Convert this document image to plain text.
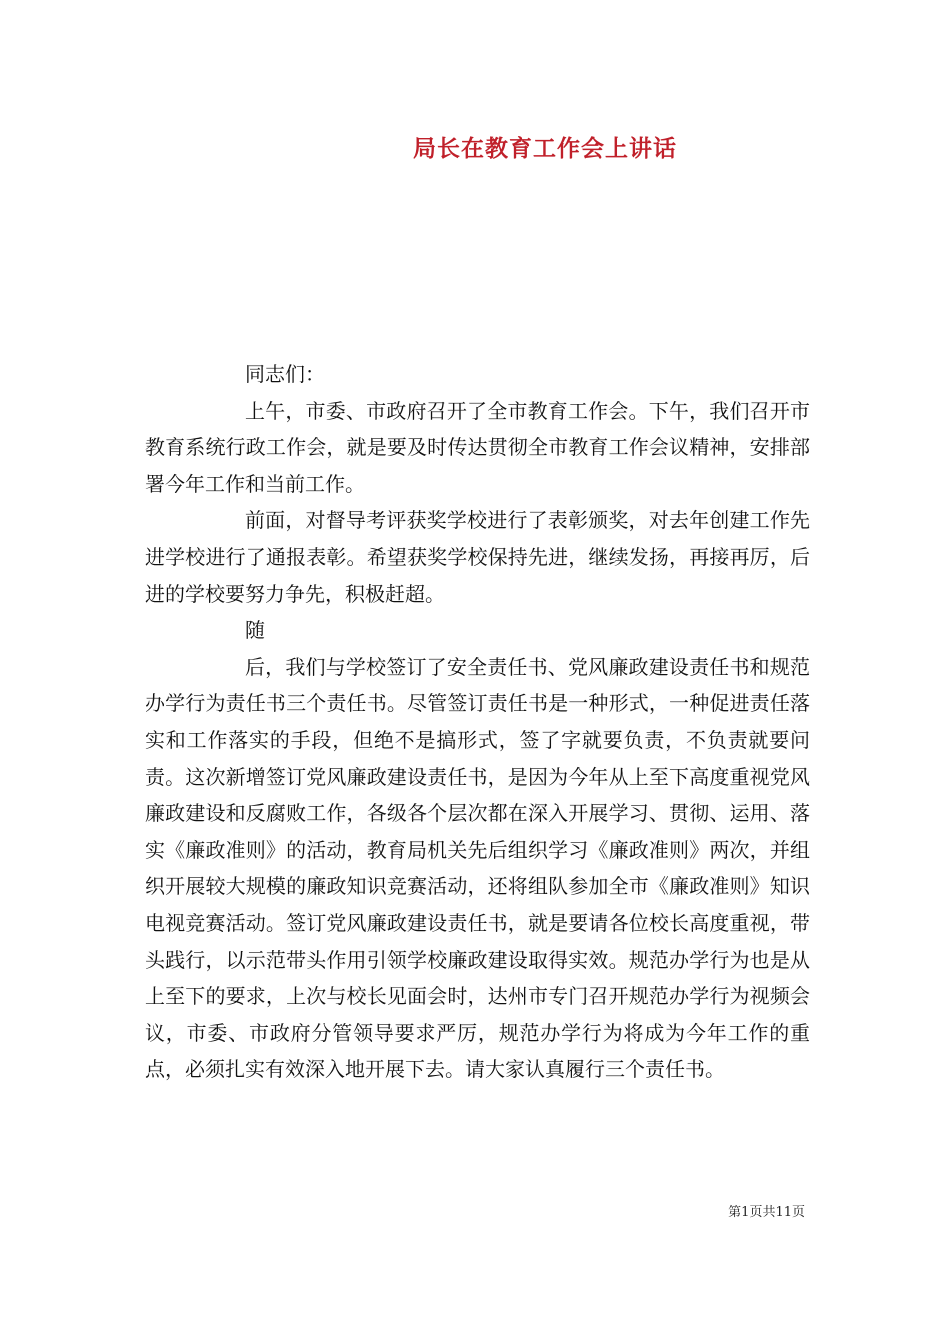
局长在教育工作会上讲话

同志们：

上午，市委、市政府召开了全市教育工作会。下午，我们召开市教育系统行政工作会，就是要及时传达贯彻全市教育工作会议精神，安排部署今年工作和当前工作。

前面，对督导考评获奖学校进行了表彰颁奖，对去年创建工作先进学校进行了通报表彰。希望获奖学校保持先进，继续发扬，再接再厉，后进的学校要努力争先，积极赶超。

随

后，我们与学校签订了安全责任书、党风廉政建设责任书和规范办学行为责任书三个责任书。尽管签订责任书是一种形式，一种促进责任落实和工作落实的手段，但绝不是搞形式，签了字就要负责，不负责就要问责。这次新增签订党风廉政建设责任书，是因为今年从上至下高度重视党风廉政建设和反腐败工作，各级各个层次都在深入开展学习、贯彻、运用、落实《廉政准则》的活动，教育局机关先后组织学习《廉政准则》两次，并组织开展较大规模的廉政知识竞赛活动，还将组队参加全市《廉政准则》知识电视竞赛活动。签订党风廉政建设责任书，就是要请各位校长高度重视，带头践行，以示范带头作用引领学校廉政建设取得实效。规范办学行为也是从上至下的要求，上次与校长见面会时，达州市专门召开规范办学行为视频会议，市委、市政府分管领导要求严厉，规范办学行为将成为今年工作的重点，必须扎实有效深入地开展下去。请大家认真履行三个责任书。

第1页共11页
